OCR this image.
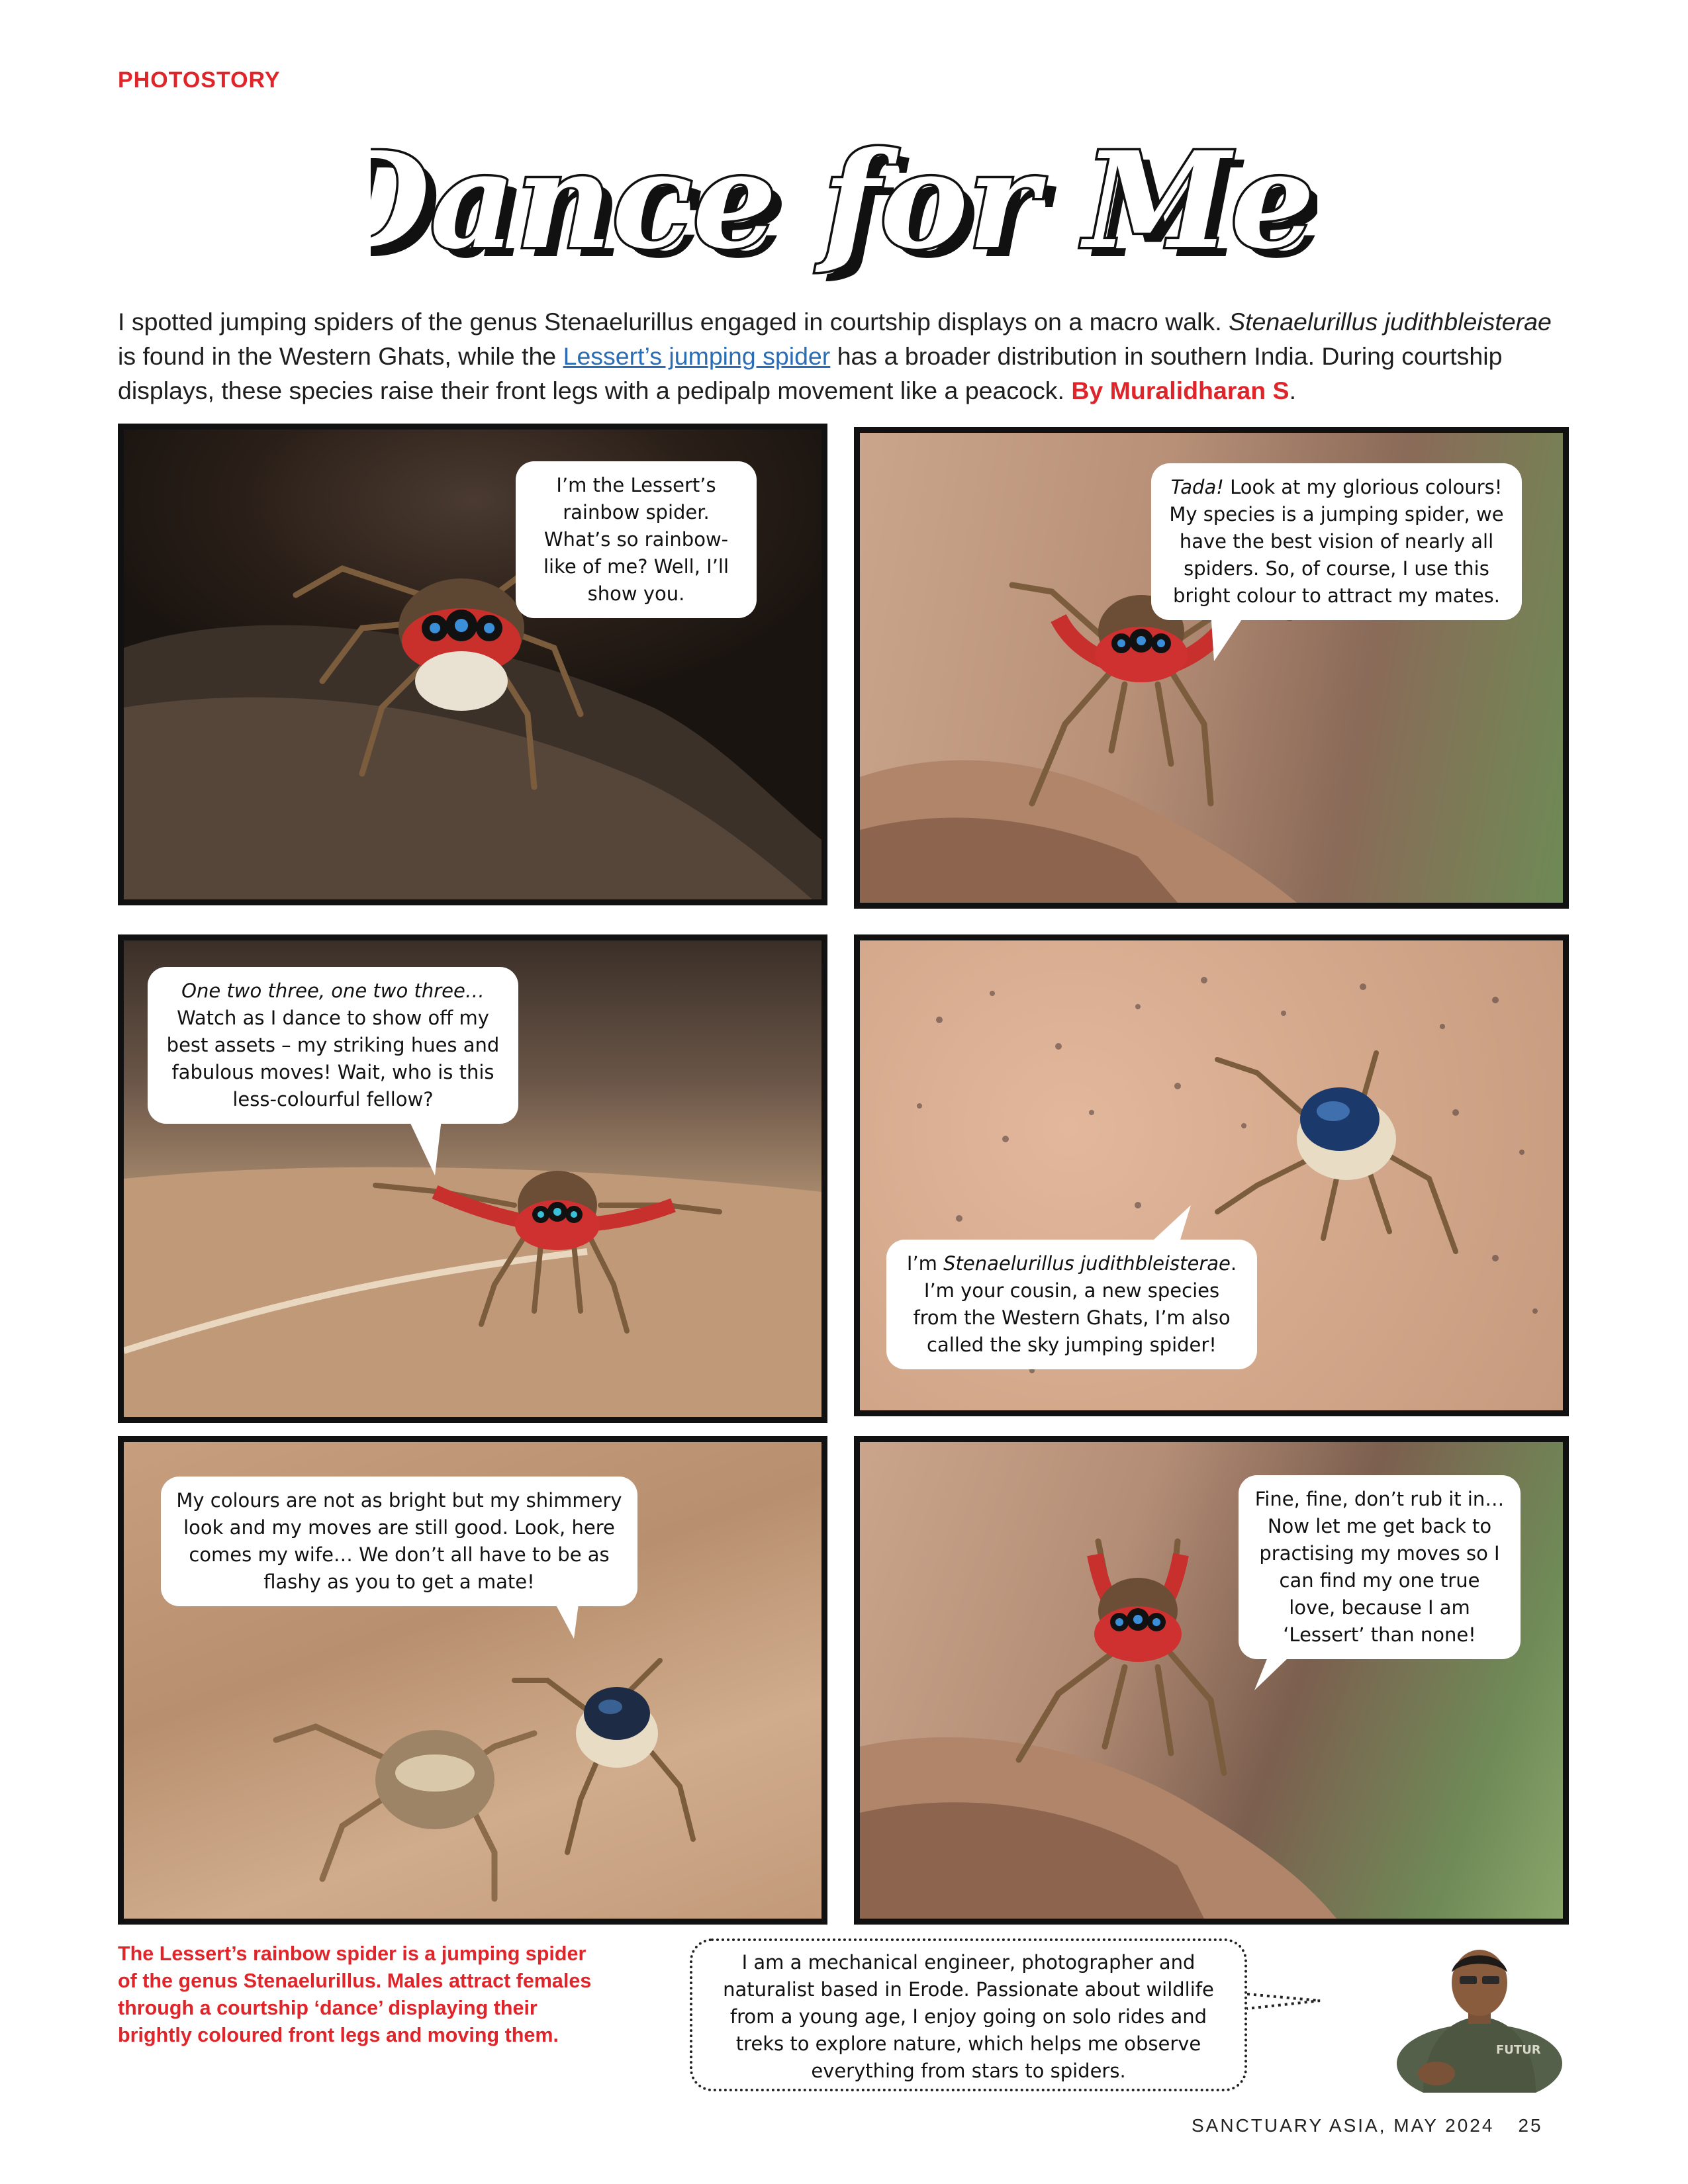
PHOTOSTORY
Dance for Me
ance for Me
I spotted jumping spiders of the genus Stenaelurillus engaged in courtship displays on a macro walk. Stenaelurillus judithbleisterae is found in the Western Ghats, while the Lessert’s jumping spider has a broader distribution in southern India. During courtship displays, these species raise their front legs with a pedipalp movement like a peacock. By Muralidharan S.
I’m the Lessert’s rainbow spider. What’s so rainbow-like of me? Well, I’ll show you.
Tada! Look at my glorious colours! My species is a jumping spider, we have the best vision of nearly all spiders. So, of course, I use this bright colour to attract my mates.
One two three, one two three…
Watch as I dance to show off my best assets – my striking hues and fabulous moves! Wait, who is this less-colourful fellow?
I’m Stenaelurillus judithbleisterae. I’m your cousin, a new species from the Western Ghats, I’m also called the sky jumping spider!
My colours are not as bright but my shimmery look and my moves are still good. Look, here comes my wife… We don’t all have to be as flashy as you to get a mate!
Fine, fine, don’t rub it in… Now let me get back to practising my moves so I can find my one true love, because I am ‘Lessert’ than none!
The Lessert’s rainbow spider is a jumping spider of the genus Stenaelurillus. Males attract females through a courtship ‘dance’ displaying their brightly coloured front legs and moving them.
I am a mechanical engineer, photographer and naturalist based in Erode. Passionate about wildlife from a young age, I enjoy going on solo rides and treks to explore nature, which helps me observe everything from stars to spiders.
FUTUR
SANCTUARY ASIA, MAY 2024 25
